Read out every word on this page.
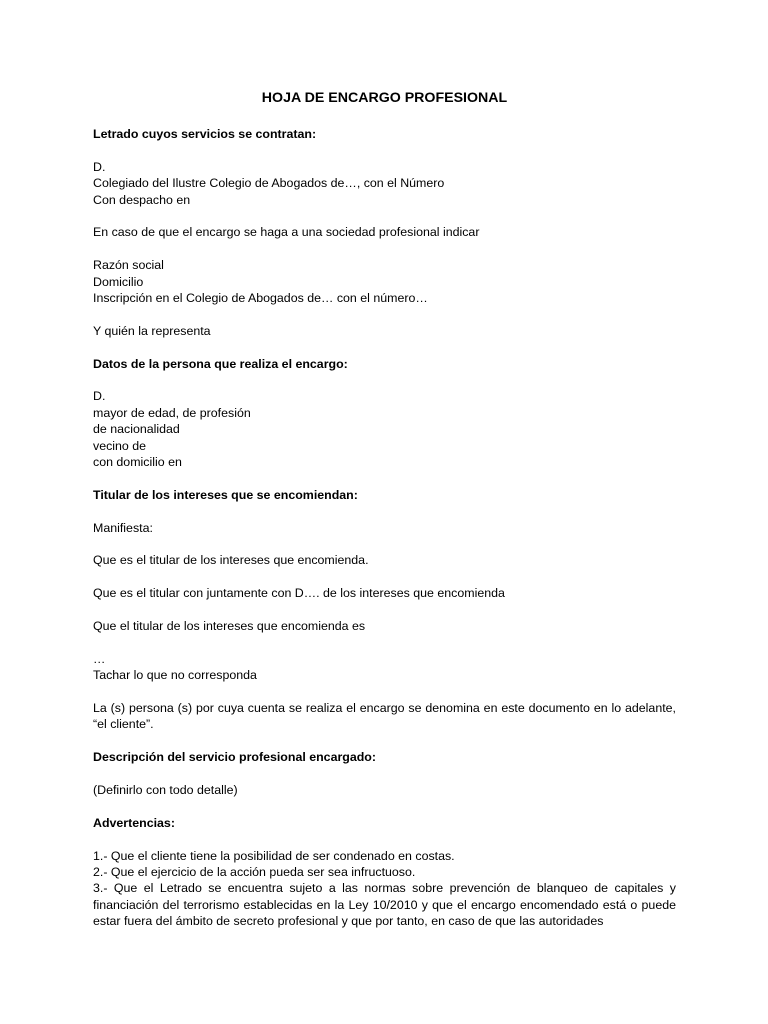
HOJA DE ENCARGO PROFESIONAL

Letrado cuyos servicios se contratan:

D.

Colegiado del Ilustre Colegio de Abogados de…, con el Número

Con despacho en

En caso de que el encargo se haga a una sociedad profesional indicar

Razón social

Domicilio

Inscripción en el Colegio de Abogados de… con el número…

Y quién la representa

Datos de la persona que realiza el encargo:

D.

mayor de edad, de profesión

de nacionalidad

vecino de

con domicilio en

Titular de los intereses que se encomiendan:

Manifiesta:

Que es el titular de los intereses que encomienda.

Que es el titular con juntamente con D…. de los intereses que encomienda

Que el titular de los intereses que encomienda es

…

Tachar lo que no corresponda

La (s) persona (s) por cuya cuenta se realiza el encargo se denomina en este documento en lo adelante, “el cliente”.

Descripción del servicio profesional encargado:

(Definirlo con todo detalle)

Advertencias:

1.- Que el cliente tiene la posibilidad de ser condenado en costas.

2.- Que el ejercicio de la acción pueda ser sea infructuoso.

3.- Que el Letrado se encuentra sujeto a las normas sobre prevención de blanqueo de capitales y financiación del terrorismo establecidas en la Ley 10/2010 y que el encargo encomendado está o puede estar fuera del ámbito de secreto profesional y que por tanto, en caso de que las autoridades
